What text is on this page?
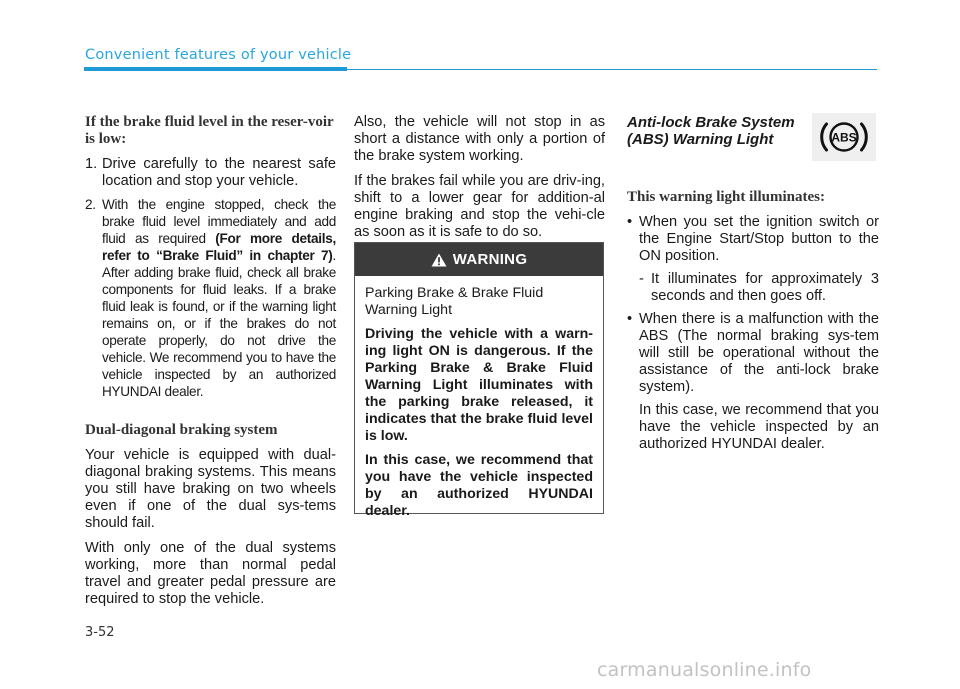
Convenient features of your vehicle

If the brake fluid level in the reser-voir is low:

1. Drive carefully to the nearest safe location and stop your vehicle.
2. With the engine stopped, check the brake fluid level immediately and add fluid as required (For more details, refer to “Brake Fluid” in chapter 7). After adding brake fluid, check all brake components for fluid leaks. If a brake fluid leak is found, or if the warning light remains on, or if the brakes do not operate properly, do not drive the vehicle. We recommend you to have the vehicle inspected by an authorized HYUNDAI dealer.

Dual-diagonal braking system

Your vehicle is equipped with dual-diagonal braking systems. This means you still have braking on two wheels even if one of the dual sys-tems should fail.

With only one of the dual systems working, more than normal pedal travel and greater pedal pressure are required to stop the vehicle.

Also, the vehicle will not stop in as short a distance with only a portion of the brake system working.

If the brakes fail while you are driv-ing, shift to a lower gear for addition-al engine braking and stop the vehi-cle as soon as it is safe to do so.

WARNING

Parking Brake & Brake Fluid Warning Light

Driving the vehicle with a warn-ing light ON is dangerous. If the Parking Brake & Brake Fluid Warning Light illuminates with the parking brake released, it indicates that the brake fluid level is low.

In this case, we recommend that you have the vehicle inspected by an authorized HYUNDAI dealer.

Anti-lock Brake System (ABS) Warning Light

This warning light illuminates:

• When you set the ignition switch or the Engine Start/Stop button to the ON position.
- It illuminates for approximately 3 seconds and then goes off.
• When there is a malfunction with the ABS (The normal braking sys-tem will still be operational without the assistance of the anti-lock brake system).

In this case, we recommend that you have the vehicle inspected by an authorized HYUNDAI dealer.

ABS
3-52
carmanualsonline.info
